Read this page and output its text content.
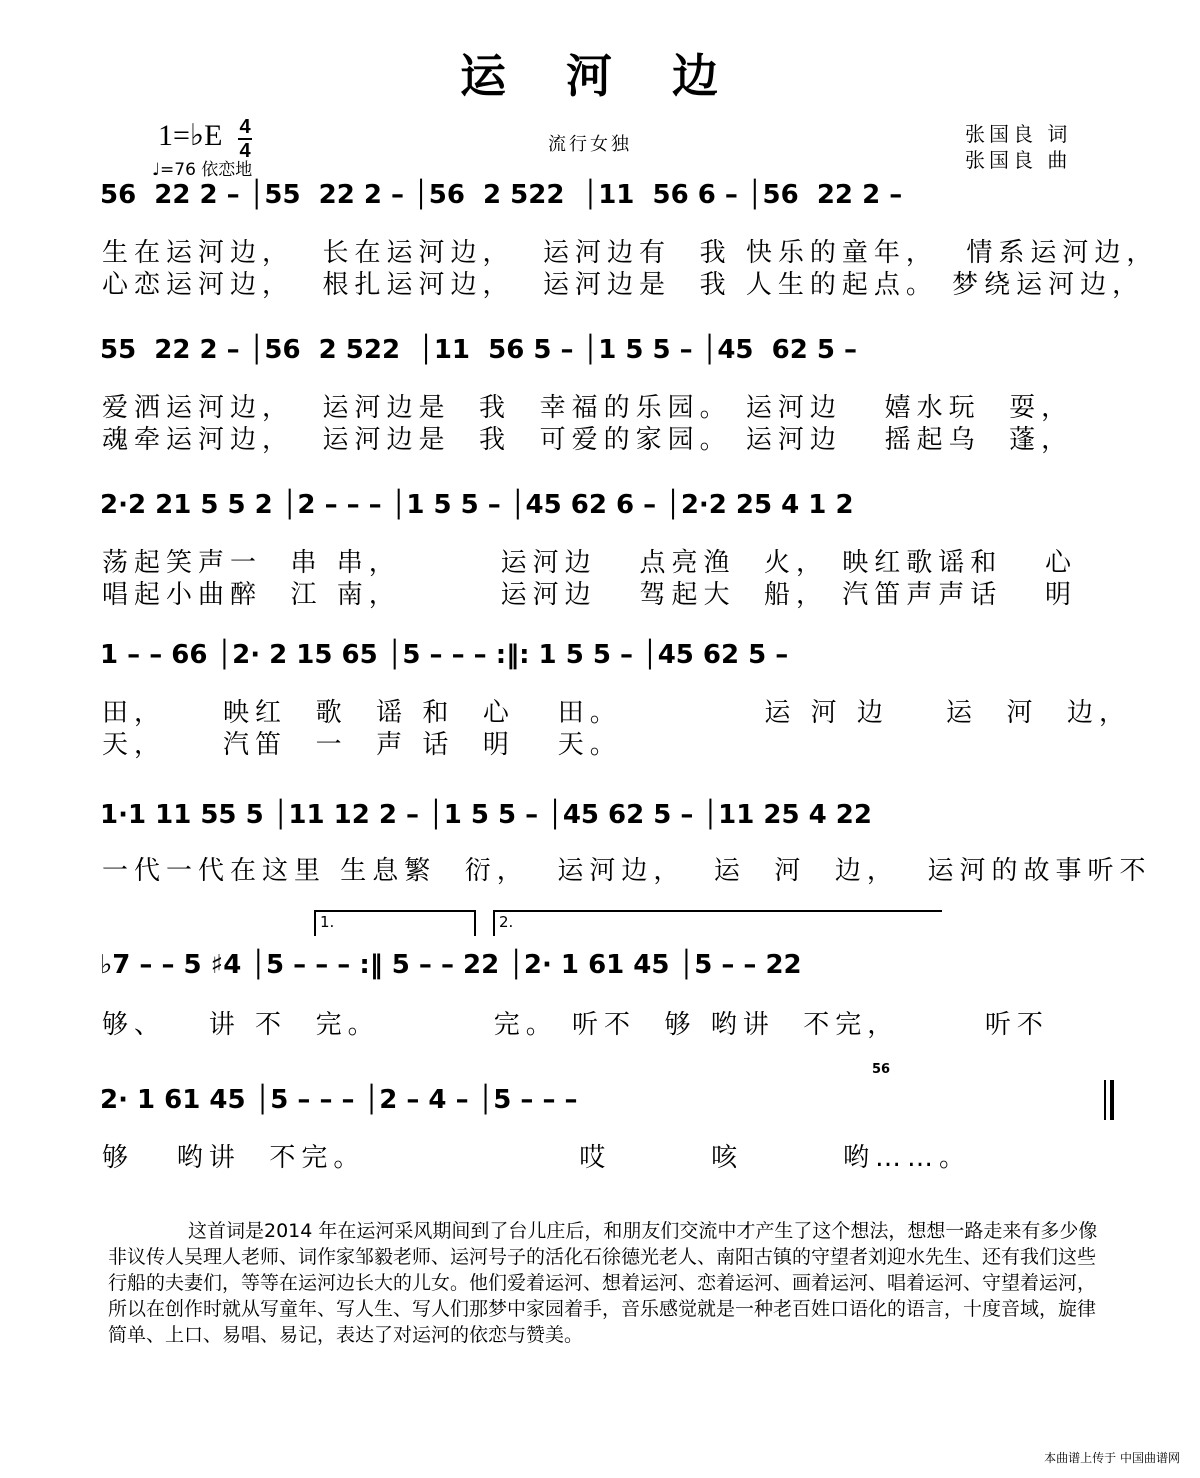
运 河 边
1=♭E 4
4
♩=76 依恋地
流行女独	张国良 词
张国良 曲
56  22 2 – │55  22 2 – │56  2 522  │11  56 6 – │56  22 2 –
生在运河边，  长在运河边，  运河边有  我 快乐的童年，  情系运河边，
心恋运河边，  根扎运河边，  运河边是  我 人生的起点。 梦绕运河边，
55  22 2 – │56  2 522  │11  56 5 – │1 5 5 – │45  62 5 –
爱洒运河边，  运河边是  我  幸福的乐园。 运河边   嬉水玩  耍，
魂牵运河边，  运河边是  我  可爱的家园。 运河边   摇起乌  蓬，
2·2 21 5 5 2 │2 – – – │1 5 5 – │45 62 6 – │2·2 25 4 1 2
荡起笑声一  串 串，       运河边   点亮渔  火， 映红歌谣和   心
唱起小曲醉  江 南，       运河边   驾起大  船， 汽笛声声话   明
1 – – 66 │2· 2 15 65 │5 – – – :‖: 1 5 5 – │45 62 5 –
田，    映红  歌  谣 和  心   田。          运 河 边    运  河  边，
天，    汽笛  一  声 话  明   天。
1·1 11 55 5 │11 12 2 – │1 5 5 – │45 62 5 – │11 25 4 22
一代一代在这里 生息繁  衍，  运河边，  运  河  边，  运河的故事听不
1.	2.
♭7 – – 5 ♯4 │5 – – – :‖ 5 – – 22 │2· 1 61 45 │5 – – 22
够、   讲 不  完。        完。 听不  够 哟讲  不完，      听不
56
2· 1 61 45 │5 – – – │2 – 4 – │5 – – –
够   哟讲  不完。               哎       咳       哟……。
这首词是2014 年在运河采风期间到了台儿庄后，和朋友们交流中才产生了这个想法，想想一路走来有多少像非议传人吴理人老师、词作家邹毅老师、运河号子的活化石徐德光老人、南阳古镇的守望者刘迎水先生、还有我们这些行船的夫妻们，等等在运河边长大的儿女。他们爱着运河、想着运河、恋着运河、画着运河、唱着运河、守望着运河，所以在创作时就从写童年、写人生、写人们那梦中家园着手，音乐感觉就是一种老百姓口语化的语言，十度音域，旋律简单、上口、易唱、易记，表达了对运河的依恋与赞美。
本曲谱上传于 中国曲谱网
